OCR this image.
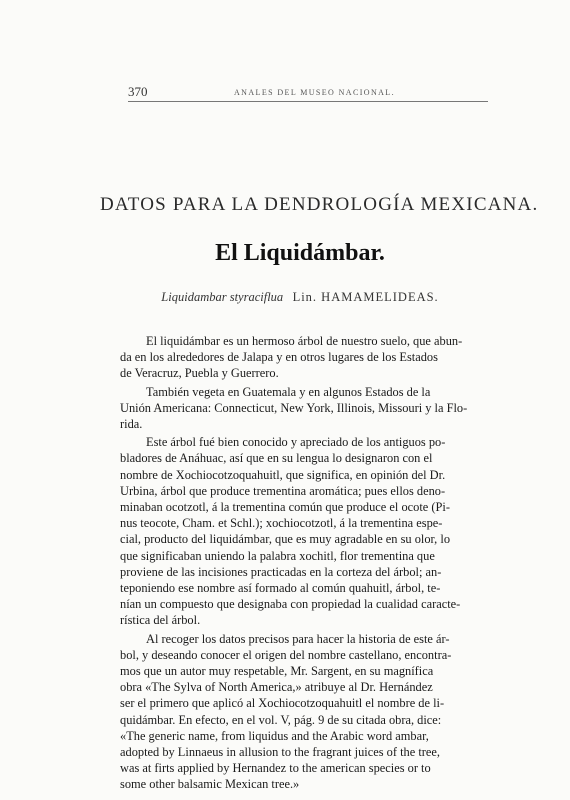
370	ANALES DEL MUSEO NACIONAL.
DATOS PARA LA DENDROLOGÍA MEXICANA.
El Liquidámbar.
Liquidambar styraciflua Lin. HAMAMELIDEAS.

El liquidámbar es un hermoso árbol de nuestro suelo, que abun-
da en los alrededores de Jalapa y en otros lugares de los Estados
de Veracruz, Puebla y Guerrero.

También vegeta en Guatemala y en algunos Estados de la
Unión Americana: Connecticut, New York, Illinois, Missouri y la Flo-
rida.

Este árbol fué bien conocido y apreciado de los antiguos po-
bladores de Anáhuac, así que en su lengua lo designaron con el
nombre de Xochiocotzoquahuitl, que significa, en opinión del Dr.
Urbina, árbol que produce trementina aromática; pues ellos deno-
minaban ocotzotl, á la trementina común que produce el ocote (Pi-
nus teocote, Cham. et Schl.); xochiocotzotl, á la trementina espe-
cial, producto del liquidámbar, que es muy agradable en su olor, lo
que significaban uniendo la palabra xochitl, flor trementina que
proviene de las incisiones practicadas en la corteza del árbol; an-
teponiendo ese nombre así formado al común quahuitl, árbol, te-
nían un compuesto que designaba con propiedad la cualidad caracte-
rística del árbol.

Al recoger los datos precisos para hacer la historia de este ár-
bol, y deseando conocer el origen del nombre castellano, encontra-
mos que un autor muy respetable, Mr. Sargent, en su magnífica
obra «The Sylva of North America,» atribuye al Dr. Hernández
ser el primero que aplicó al Xochiocotzoquahuitl el nombre de li-
quidámbar. En efecto, en el vol. V, pág. 9 de su citada obra, dice:
«The generic name, from liquidus and the Arabic word ambar,
adopted by Linnaeus in allusion to the fragrant juices of the tree,
was at firts applied by Hernandez to the american species or to
some other balsamic Mexican tree.»
